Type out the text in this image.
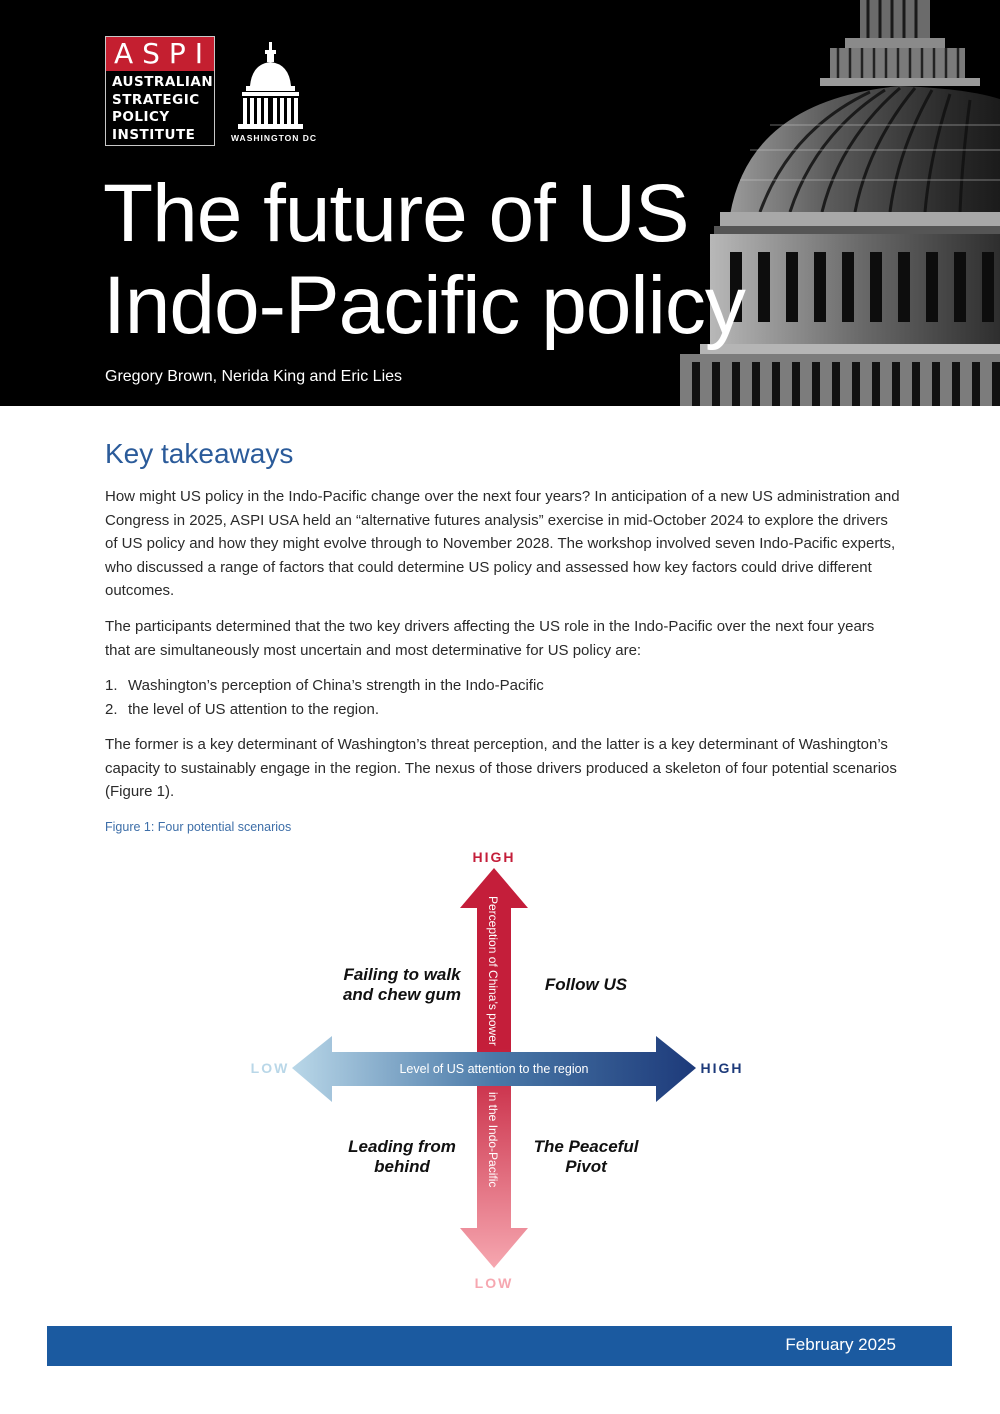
ASPI
AUSTRALIAN
STRATEGIC
POLICY
INSTITUTE	WASHINGTON DC
The future of US
Indo-Pacific policy
Gregory Brown, Nerida King and Eric Lies
Key takeaways

How might US policy in the Indo-Pacific change over the next four years? In anticipation of a new US administration and Congress in 2025, ASPI USA held an “alternative futures analysis” exercise in mid-October 2024 to explore the drivers of US policy and how they might evolve through to November 2028. The workshop involved seven Indo-Pacific experts, who discussed a range of factors that could determine US policy and assessed how key factors could drive different outcomes.

The participants determined that the two key drivers affecting the US role in the Indo-Pacific over the next four years that are simultaneously most uncertain and most determinative for US policy are:

1. Washington’s perception of China’s strength in the Indo-Pacific
2. the level of US attention to the region.

The former is a key determinant of Washington’s threat perception, and the latter is a key determinant of Washington’s capacity to sustainably engage in the region. The nexus of those drivers produced a skeleton of four potential scenarios (Figure 1).

Figure 1: Four potential scenarios
HIGH
LOW
LOW	HIGH
Perception of China’s power
in the Indo-Pacific
Level of US attention to the region
Failing to walk
and chew gum
Follow US
Leading from
behind
The Peaceful
Pivot
February 2025
